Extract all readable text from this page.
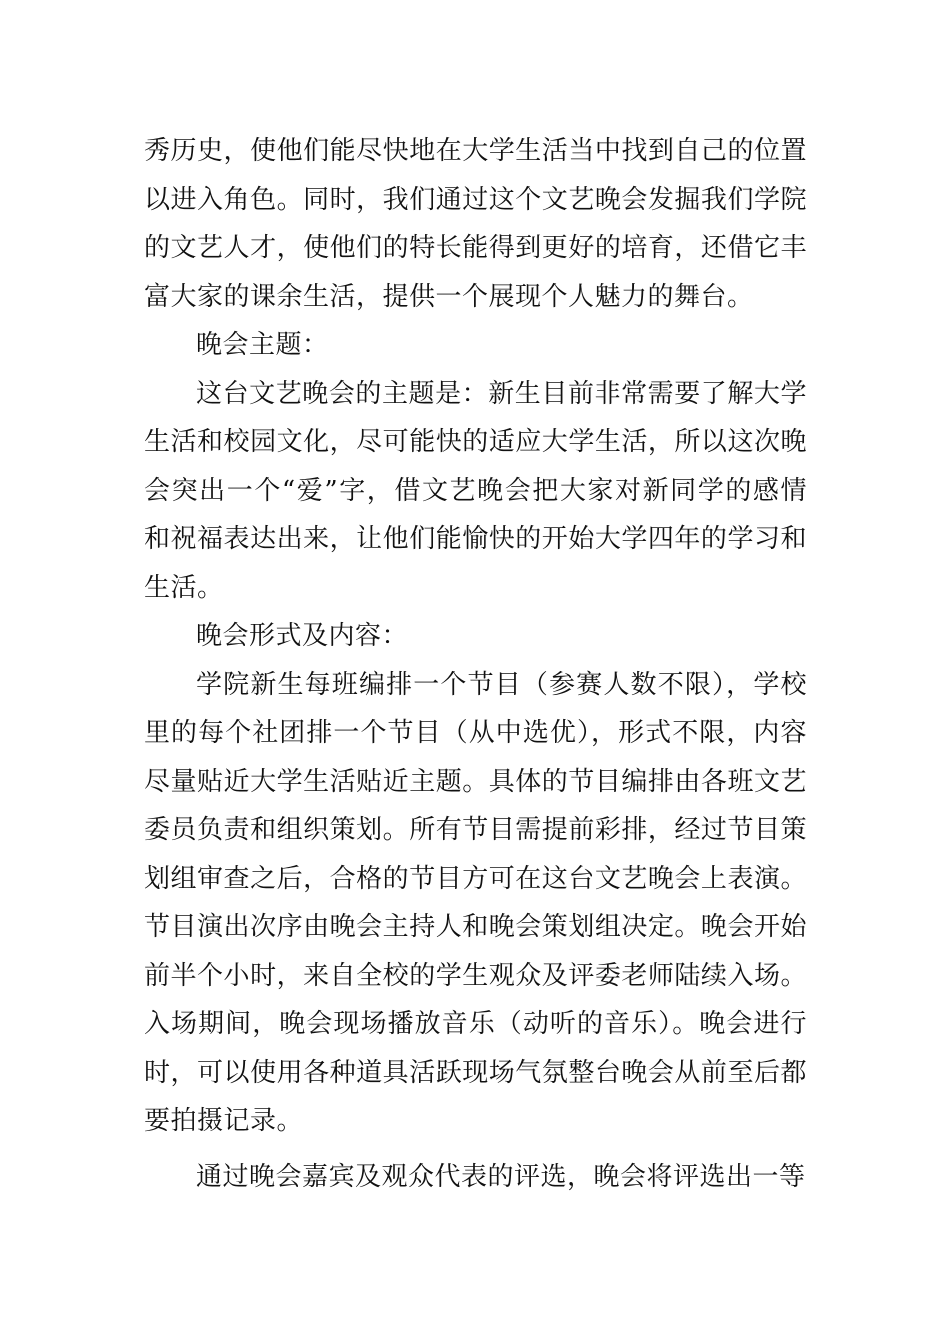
秀历史，使他们能尽快地在大学生活当中找到自己的位置以进入角色。同时，我们通过这个文艺晚会发掘我们学院的文艺人才，使他们的特长能得到更好的培育，还借它丰富大家的课余生活，提供一个展现个人魅力的舞台。

晚会主题：

这台文艺晚会的主题是：新生目前非常需要了解大学生活和校园文化，尽可能快的适应大学生活，所以这次晚会突出一个“爱”字，借文艺晚会把大家对新同学的感情和祝福表达出来，让他们能愉快的开始大学四年的学习和生活。

晚会形式及内容：

学院新生每班编排一个节目（参赛人数不限），学校里的每个社团排一个节目（从中选优），形式不限，内容尽量贴近大学生活贴近主题。具体的节目编排由各班文艺委员负责和组织策划。所有节目需提前彩排，经过节目策划组审查之后，合格的节目方可在这台文艺晚会上表演。节目演出次序由晚会主持人和晚会策划组决定。晚会开始前半个小时，来自全校的学生观众及评委老师陆续入场。入场期间，晚会现场播放音乐（动听的音乐）。晚会进行时，可以使用各种道具活跃现场气氛整台晚会从前至后都要拍摄记录。

通过晚会嘉宾及观众代表的评选，晚会将评选出一等
